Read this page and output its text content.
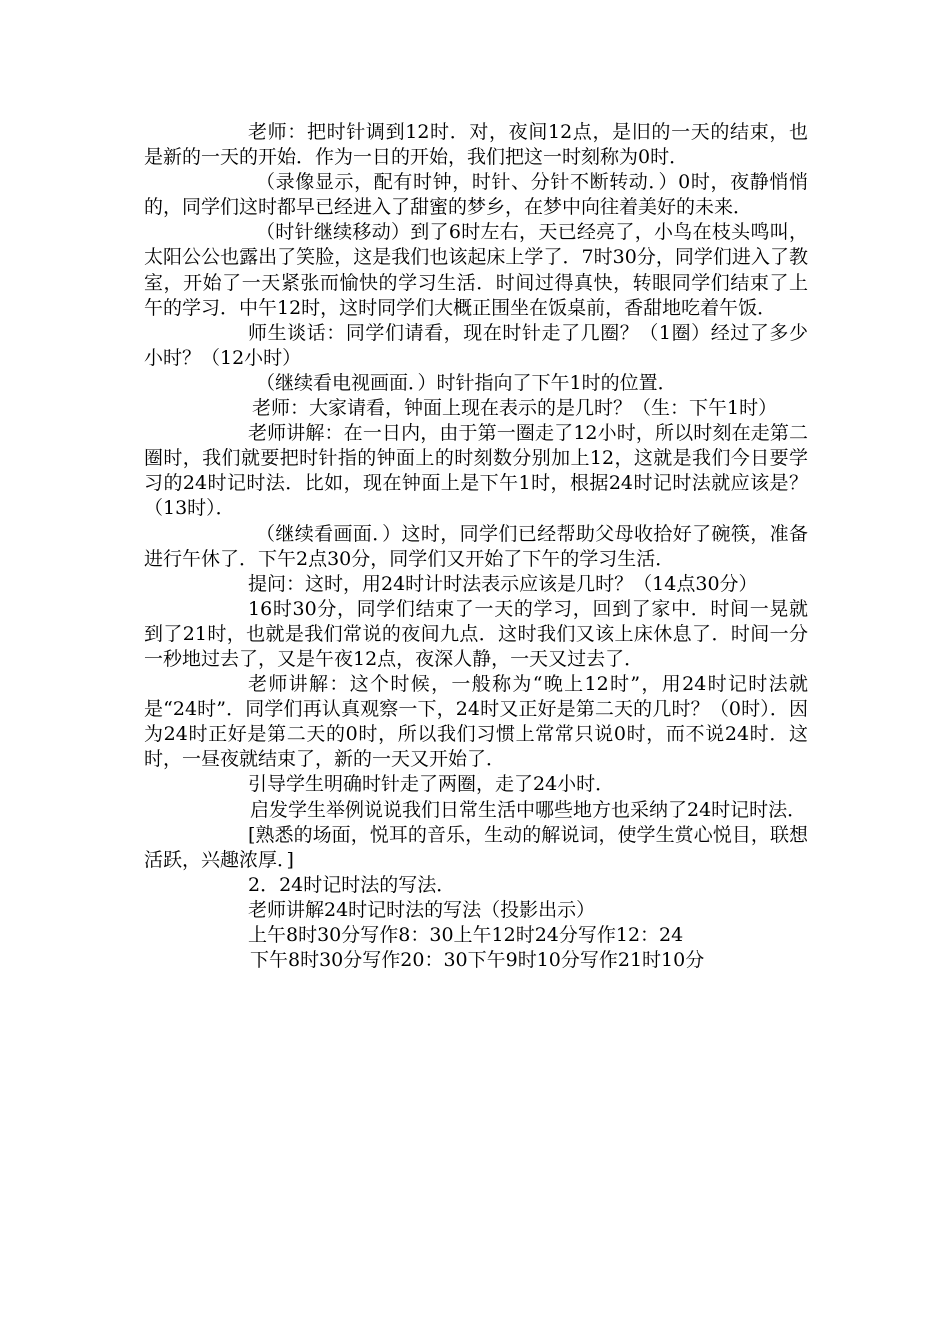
老师：把时针调到12时．对，夜间12点，是旧的一天的结束，也是新的一天的开始．作为一日的开始，我们把这一时刻称为0时．

（录像显示，配有时钟，时针、分针不断转动．）0时，夜静悄悄的，同学们这时都早已经进入了甜蜜的梦乡，在梦中向往着美好的未来．

（时针继续移动）到了6时左右，天已经亮了，小鸟在枝头鸣叫，太阳公公也露出了笑脸，这是我们也该起床上学了．7时30分，同学们进入了教室，开始了一天紧张而愉快的学习生活．时间过得真快，转眼同学们结束了上午的学习．中午12时，这时同学们大概正围坐在饭桌前，香甜地吃着午饭．

师生谈话：同学们请看，现在时针走了几圈？（1圈）经过了多少小时？（12小时）

（继续看电视画面．）时针指向了下午1时的位置．

老师：大家请看，钟面上现在表示的是几时？（生：下午1时）

老师讲解：在一日内，由于第一圈走了12小时，所以时刻在走第二圈时，我们就要把时针指的钟面上的时刻数分别加上12，这就是我们今日要学习的24时记时法．比如，现在钟面上是下午1时，根据24时记时法就应该是？（13时）．

（继续看画面．）这时，同学们已经帮助父母收拾好了碗筷，准备进行午休了．下午2点30分，同学们又开始了下午的学习生活．

提问：这时，用24时计时法表示应该是几时？（14点30分）

16时30分，同学们结束了一天的学习，回到了家中．时间一晃就到了21时，也就是我们常说的夜间九点．这时我们又该上床休息了．时间一分一秒地过去了，又是午夜12点，夜深人静，一天又过去了．

老师讲解：这个时候，一般称为“晚上12时”，用24时记时法就是“24时”．同学们再认真观察一下，24时又正好是第二天的几时？（0时）．因为24时正好是第二天的0时，所以我们习惯上常常只说0时，而不说24时．这时，一昼夜就结束了，新的一天又开始了．

引导学生明确时针走了两圈，走了24小时．

启发学生举例说说我们日常生活中哪些地方也采纳了24时记时法．

[熟悉的场面，悦耳的音乐，生动的解说词，使学生赏心悦目，联想活跃，兴趣浓厚．]

2．24时记时法的写法．

老师讲解24时记时法的写法（投影出示）

上午8时30分写作8：30上午12时24分写作12：24

下午8时30分写作20：30下午9时10分写作21时10分
